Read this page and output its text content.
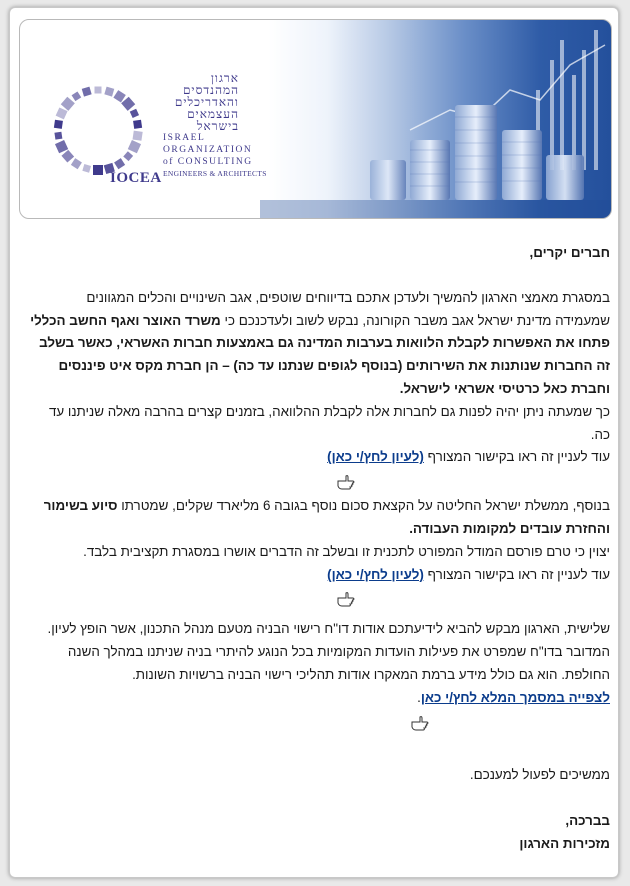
IOCEA
ארגון המהנדסים
והאדריכלים
העצמאים
בישראל
ISRAEL
ORGANIZATION
of CONSULTING
ENGINEERS & ARCHITECTS

חברים יקרים,

במסגרת מאמצי הארגון להמשיך ולעדכן אתכם בדיווחים שוטפים, אגב השינויים והכלים המגוונים שמעמידה מדינת ישראל אגב משבר הקורונה, נבקש לשוב ולעדכנכם כי משרד האוצר ואגף החשב הכללי פתחו את האפשרות לקבלת הלוואות בערבות המדינה גם באמצעות חברות האשראי, כאשר בשלב זה החברות שנותנות את השירותים (בנוסף לגופים שנתנו עד כה) – הן חברת מקס איט פיננסים וחברת כאל כרטיסי אשראי לישראל.

כך שמעתה ניתן יהיה לפנות גם לחברות אלה לקבלת ההלוואה, בזמנים קצרים בהרבה מאלה שניתנו עד כה.

עוד לעניין זה ראו בקישור המצורף (לעיון לחץ/י כאן)

בנוסף, ממשלת ישראל החליטה על הקצאת סכום נוסף בגובה 6 מליארד שקלים, שמטרתו סיוע בשימור והחזרת עובדים למקומות העבודה.

יצוין כי טרם פורסם המודל המפורט לתכנית זו ובשלב זה הדברים אושרו במסגרת תקציבית בלבד.

עוד לעניין זה ראו בקישור המצורף (לעיון לחץ/י כאן)

שלישית, הארגון מבקש להביא לידיעתכם אודות דו"ח רישוי הבניה מטעם מנהל התכנון, אשר הופץ לעיון.

המדובר בדו"ח שמפרט את פעילות הועדות המקומיות בכל הנוגע להיתרי בניה שניתנו במהלך השנה החולפת. הוא גם כולל מידע ברמת המאקרו אודות תהליכי רישוי הבניה ברשויות השונות.

לצפייה במסמך המלא לחץ/י כאן.

ממשיכים לפעול למענכם.

בברכה,

מזכירות הארגון
